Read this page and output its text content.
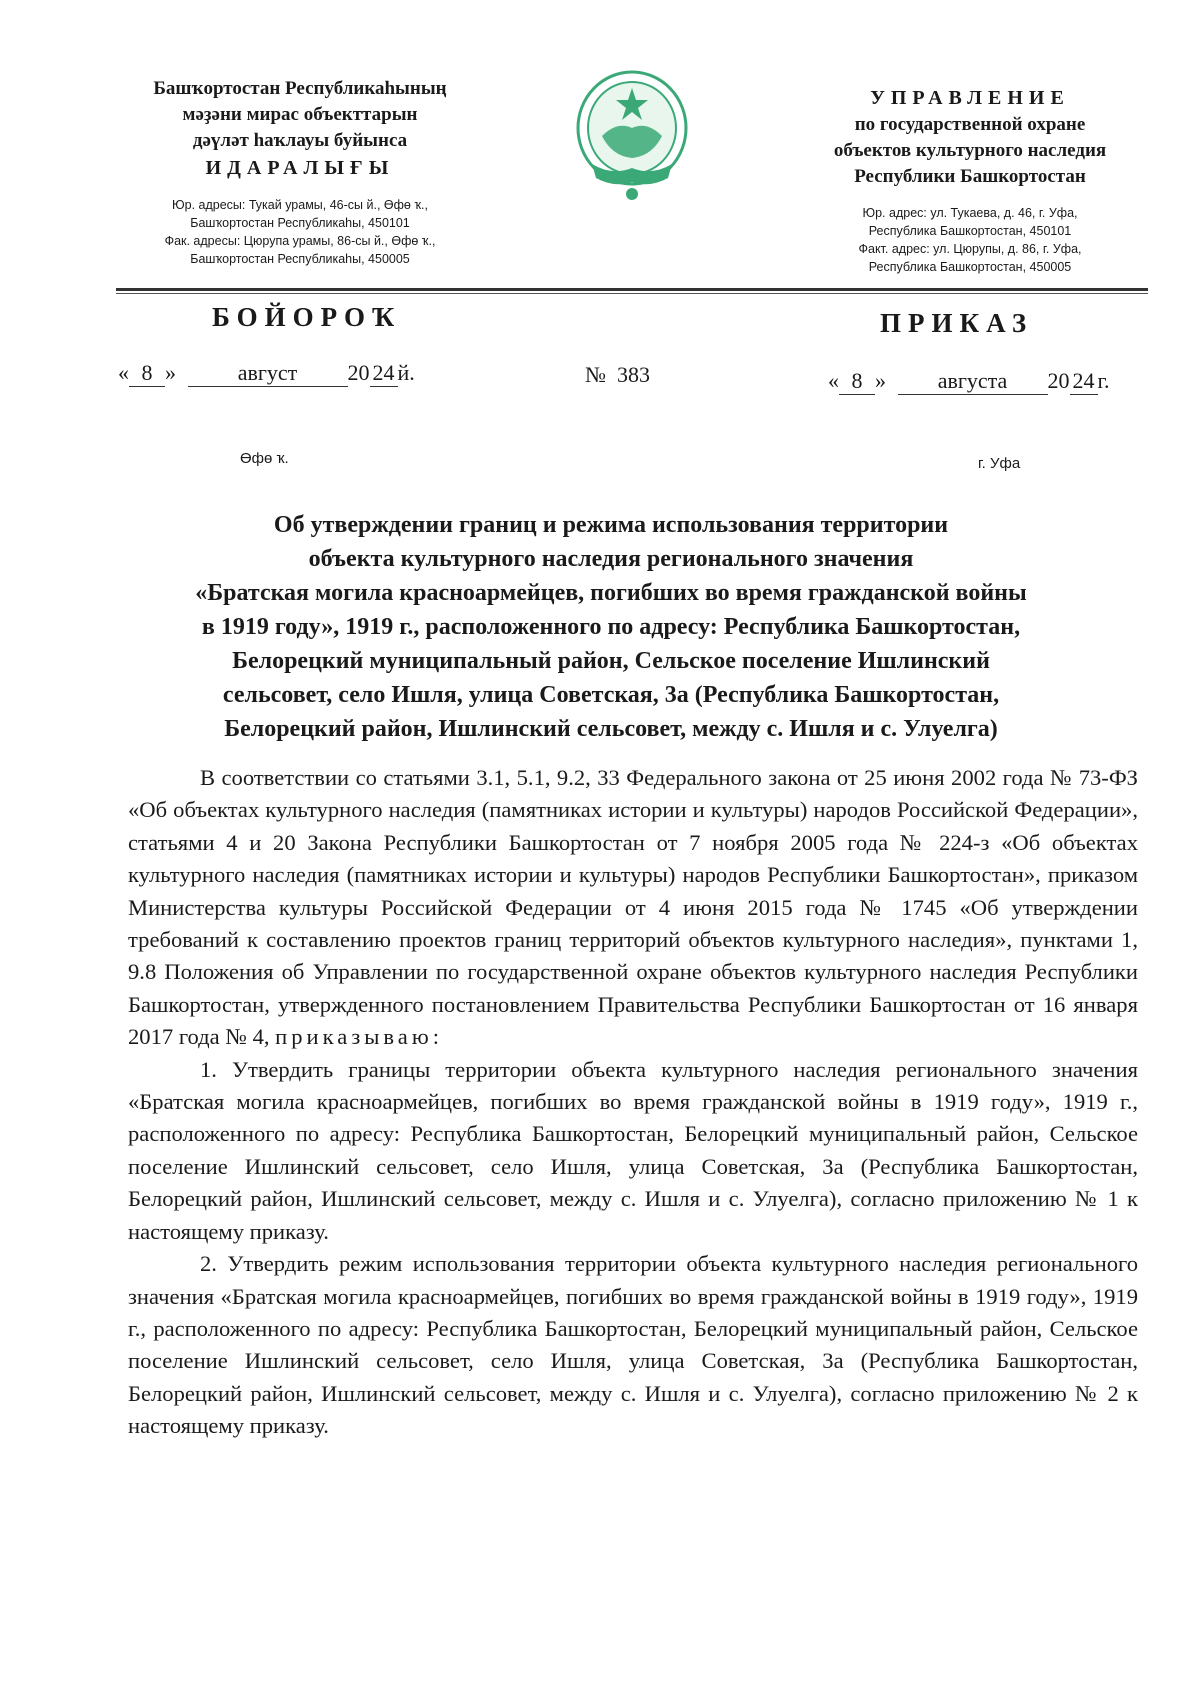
Башҡортостан Республикаһының
мәҙәни мирас объекттарын
дәүләт һаҡлауы буйынса
ИДАРАЛЫҒЫ
Юр. адресы: Тукай урамы, 46-сы й., Өфө ҡ.,
Башҡортостан Республикаһы, 450101
Фак. адресы: Цюрупа урамы, 86-сы й., Өфө ҡ.,
Башҡортостан Республикаһы, 450005
УПРАВЛЕНИЕ
по государственной охране
объектов культурного наследия
Республики Башкортостан
Юр. адрес: ул. Тукаева, д. 46, г. Уфа,
Республика Башкортостан, 450101
Факт. адрес: ул. Цюрупы, д. 86, г. Уфа,
Республика Башкортостан, 450005
БОЙОРОҠ	ПРИКАЗ
« 8 »	август 20 24 й.	№ 383	« 8 » августа 20 24 г.
Өфө ҡ.	г. Уфа
Об утверждении границ и режима использования территории
объекта культурного наследия регионального значения
«Братская могила красноармейцев, погибших во время гражданской войны
в 1919 году», 1919 г., расположенного по адресу: Республика Башкортостан,
Белорецкий муниципальный район, Сельское поселение Ишлинский
сельсовет, село Ишля, улица Советская, 3а (Республика Башкортостан,
Белорецкий район, Ишлинский сельсовет, между с. Ишля и с. Улуелга)

В соответствии со статьями 3.1, 5.1, 9.2, 33 Федерального закона от 25 июня 2002 года № 73-ФЗ «Об объектах культурного наследия (памятниках истории и культуры) народов Российской Федерации», статьями 4 и 20 Закона Республики Башкортостан от 7 ноября 2005 года № 224-з «Об объектах культурного наследия (памятниках истории и культуры) народов Республики Башкортостан», приказом Министерства культуры Российской Федерации от 4 июня 2015 года № 1745 «Об утверждении требований к составлению проектов границ территорий объектов культурного наследия», пунктами 1, 9.8 Положения об Управлении по государственной охране объектов культурного наследия Республики Башкортостан, утвержденного постановлением Правительства Республики Башкортостан от 16 января 2017 года № 4, приказываю:

1. Утвердить границы территории объекта культурного наследия регионального значения «Братская могила красноармейцев, погибших во время гражданской войны в 1919 году», 1919 г., расположенного по адресу: Республика Башкортостан, Белорецкий муниципальный район, Сельское поселение Ишлинский сельсовет, село Ишля, улица Советская, 3а (Республика Башкортостан, Белорецкий район, Ишлинский сельсовет, между с. Ишля и с. Улуелга), согласно приложению № 1 к настоящему приказу.

2. Утвердить режим использования территории объекта культурного наследия регионального значения «Братская могила красноармейцев, погибших во время гражданской войны в 1919 году», 1919 г., расположенного по адресу: Республика Башкортостан, Белорецкий муниципальный район, Сельское поселение Ишлинский сельсовет, село Ишля, улица Советская, 3а (Республика Башкортостан, Белорецкий район, Ишлинский сельсовет, между с. Ишля и с. Улуелга), согласно приложению № 2 к настоящему приказу.
